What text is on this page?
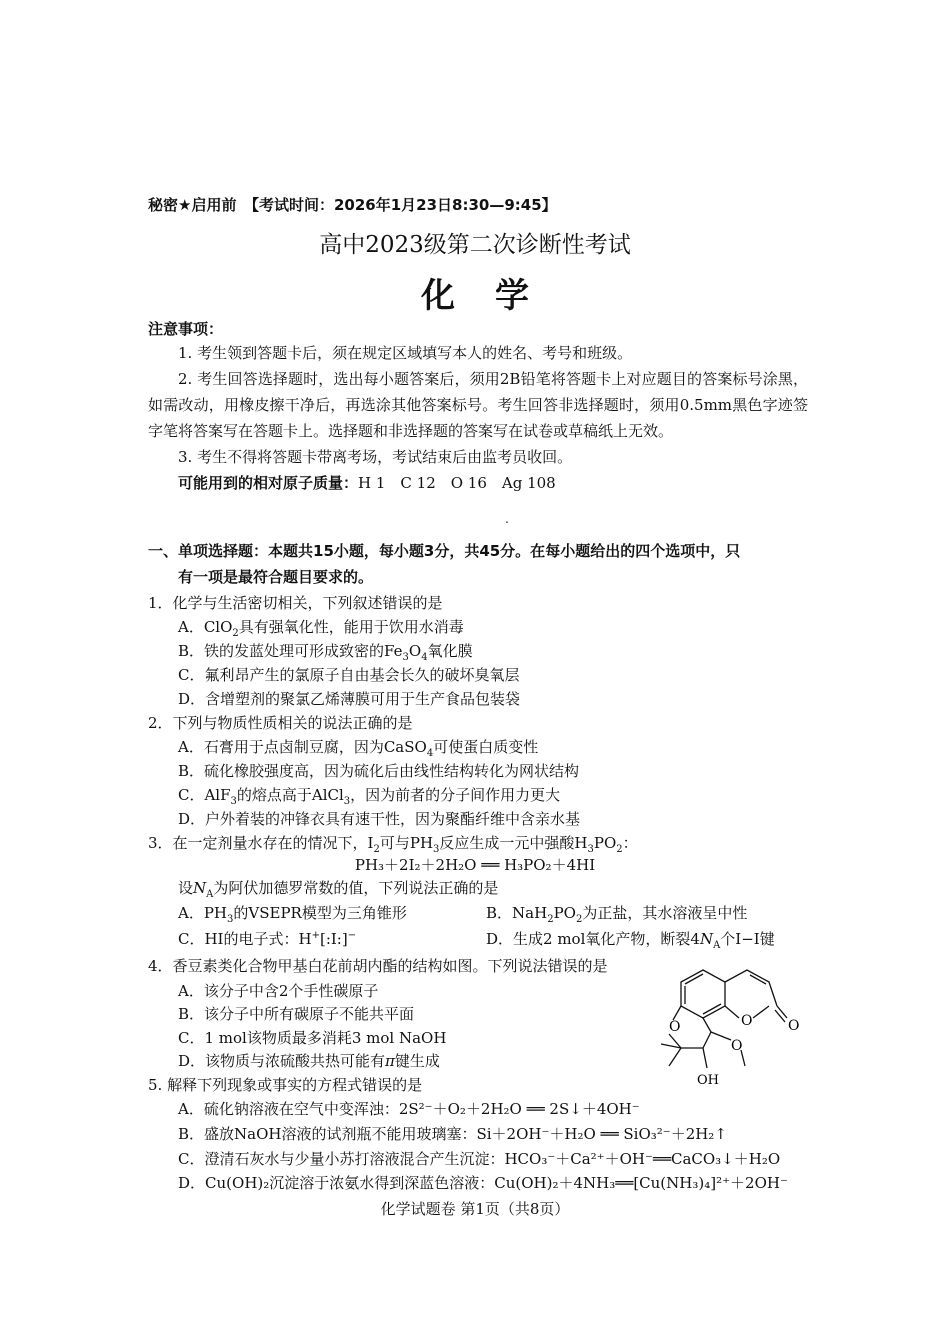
秘密★启用前　【考试时间：2026年1月23日8:30—9:45】
高中2023级第二次诊断性考试
化学
注意事项：
1. 考生领到答题卡后，须在规定区域填写本人的姓名、考号和班级。
2. 考生回答选择题时，选出每小题答案后，须用2B铅笔将答题卡上对应题目的答案标号涂黑，如需改动，用橡皮擦干净后，再选涂其他答案标号。考生回答非选择题时，须用0.5mm黑色字迹签字笔将答案写在答题卡上。选择题和非选择题的答案写在试卷或草稿纸上无效。
3. 考生不得将答题卡带离考场，考试结束后由监考员收回。
可能用到的相对原子质量：H 1　C 12　O 16　Ag 108
.
一、单项选择题：本题共15小题，每小题3分，共45分。在每小题给出的四个选项中，只
有一项是最符合题目要求的。
1．化学与生活密切相关，下列叙述错误的是
A．ClO$_2$具有强氧化性，能用于饮用水消毒
B．铁的发蓝处理可形成致密的$Fe_3O_4$氧化膜
C．氟利昂产生的氯原子自由基会长久的破坏臭氧层
D．含增塑剂的聚氯乙烯薄膜可用于生产食品包装袋
2．下列与物质性质相关的说法正确的是
A．石膏用于点卤制豆腐，因为CaSO$_4$可使蛋白质变性
B．硫化橡胶强度高，因为硫化后由线性结构转化为网状结构
C．AlF$_3$的熔点高于AlCl$_3$，因为前者的分子间作用力更大
D．户外着装的冲锋衣具有速干性，因为聚酯纤维中含亲水基
3．在一定剂量水存在的情况下，$I_2$可与$PH_3$反应生成一元中强酸$H_3PO_2$：
PH₃＋2I₂＋2H₂O ══ H₃PO₂＋4HI
设$N_A$为阿伏加德罗常数的值，下列说法正确的是
A．$PH_3$的VSEPR模型为三角锥形	B．$NaH_2PO_2$为正盐，其水溶液呈中性
C．HI的电子式：H+[:I:]−	D．生成2 mol氧化产物，断裂$4N_A$个I−I键
4．香豆素类化合物甲基白花前胡内酯的结构如图。下列说法错误的是
A．该分子中含2个手性碳原子
B．该分子中所有碳原子不能共平面
C．1 mol该物质最多消耗3 mol NaOH
D．该物质与浓硫酸共热可能有π键生成
O	O	O
O
OH
5. 解释下列现象或事实的方程式错误的是
A．硫化钠溶液在空气中变浑浊：2S²⁻＋O₂＋2H₂O ══ 2S↓＋4OH⁻
B．盛放NaOH溶液的试剂瓶不能用玻璃塞：Si＋2OH⁻＋H₂O ══ SiO₃²⁻＋2H₂↑
C．澄清石灰水与少量小苏打溶液混合产生沉淀：HCO₃⁻＋Ca²⁺＋OH⁻══CaCO₃↓＋H₂O
D．Cu(OH)₂沉淀溶于浓氨水得到深蓝色溶液：Cu(OH)₂＋4NH₃══[Cu(NH₃)₄]²⁺＋2OH⁻
化学试题卷 第1页（共8页）
